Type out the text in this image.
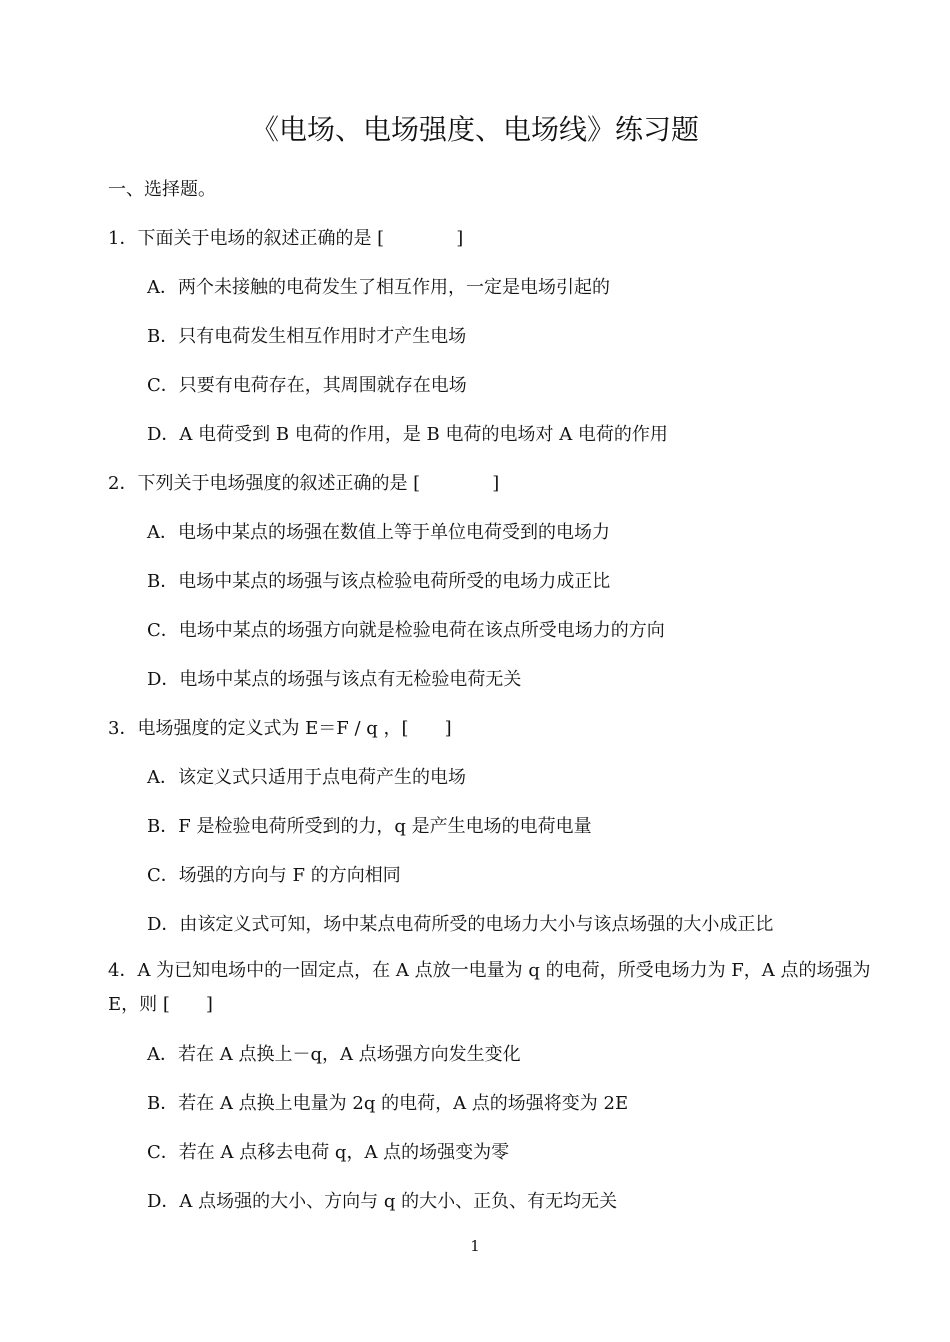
《电场、电场强度、电场线》练习题
一、选择题。
1．下面关于电场的叙述正确的是 [　　　　]
A．两个未接触的电荷发生了相互作用，一定是电场引起的
B．只有电荷发生相互作用时才产生电场
C．只要有电荷存在，其周围就存在电场
D．A 电荷受到 B 电荷的作用，是 B 电荷的电场对 A 电荷的作用
2．下列关于电场强度的叙述正确的是 [　　　　]
A．电场中某点的场强在数值上等于单位电荷受到的电场力
B．电场中某点的场强与该点检验电荷所受的电场力成正比
C．电场中某点的场强方向就是检验电荷在该点所受电场力的方向
D．电场中某点的场强与该点有无检验电荷无关
3．电场强度的定义式为 E＝F / q ，[　　]
A．该定义式只适用于点电荷产生的电场
B．F 是检验电荷所受到的力，q 是产生电场的电荷电量
C．场强的方向与 F 的方向相同
D．由该定义式可知，场中某点电荷所受的电场力大小与该点场强的大小成正比
4．A 为已知电场中的一固定点，在 A 点放一电量为 q 的电荷，所受电场力为 F，A 点的场强为 E，则 [　　]
A．若在 A 点换上－q，A 点场强方向发生变化
B．若在 A 点换上电量为 2q 的电荷，A 点的场强将变为 2E
C．若在 A 点移去电荷 q，A 点的场强变为零
D．A 点场强的大小、方向与 q 的大小、正负、有无均无关
1
